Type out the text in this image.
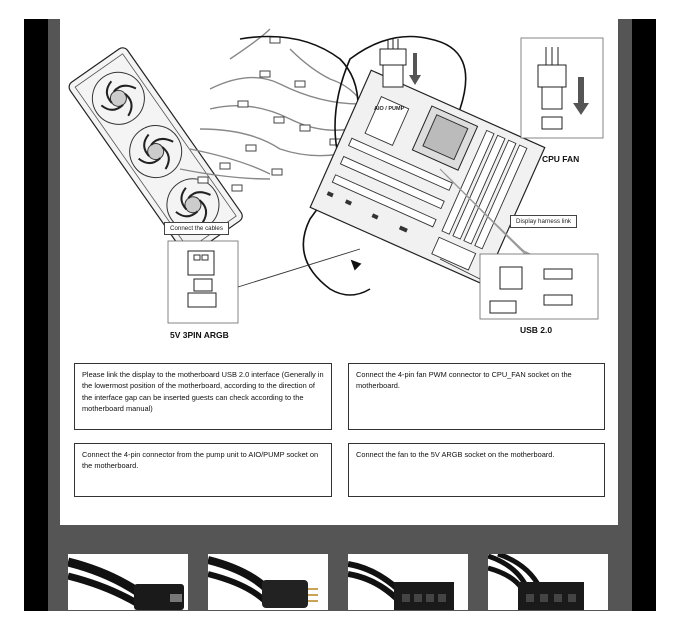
AIO / PUMP
CPU FAN
Connect the cables
Display harness link
5V 3PIN ARGB	USB 2.0
Please link the display to the motherboard USB 2.0 interface (Generally in the lowermost position of the motherboard, according to the direction of the interface gap can be inserted guests can check according to the motherboard manual)
Connect the 4-pin fan PWM connector to CPU_FAN socket on the motherboard.
Connect the 4-pin connector from the pump unit to AIO/PUMP socket on the motherboard.
Connect the fan to the 5V ARGB socket on the motherboard.
